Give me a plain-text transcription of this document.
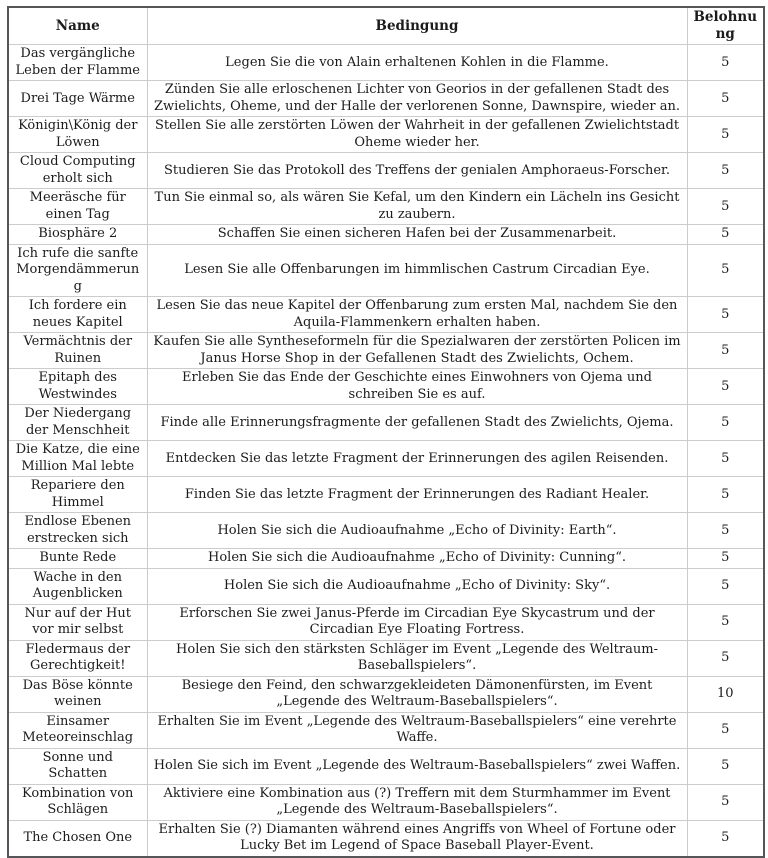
Name	Bedingung	Belohnung
Das vergängliche Leben der Flamme	Legen Sie die von Alain erhaltenen Kohlen in die Flamme.	5
Drei Tage Wärme	Zünden Sie alle erloschenen Lichter von Georios in der gefallenen Stadt des Zwielichts, Oheme, und der Halle der verlorenen Sonne, Dawnspire, wieder an.	5
Königin\König der Löwen	Stellen Sie alle zerstörten Löwen der Wahrheit in der gefallenen Zwielichtstadt Oheme wieder her.	5
Cloud Computing erholt sich	Studieren Sie das Protokoll des Treffens der genialen Amphoraeus-Forscher.	5
Meeräsche für einen Tag	Tun Sie einmal so, als wären Sie Kefal, um den Kindern ein Lächeln ins Gesicht zu zaubern.	5
Biosphäre 2	Schaffen Sie einen sicheren Hafen bei der Zusammenarbeit.	5
Ich rufe die sanfte Morgendämmerung	Lesen Sie alle Offenbarungen im himmlischen Castrum Circadian Eye.	5
Ich fordere ein neues Kapitel	Lesen Sie das neue Kapitel der Offenbarung zum ersten Mal, nachdem Sie den Aquila-Flammenkern erhalten haben.	5
Vermächtnis der Ruinen	Kaufen Sie alle Syntheseformeln für die Spezialwaren der zerstörten Policen im Janus Horse Shop in der Gefallenen Stadt des Zwielichts, Ochem.	5
Epitaph des Westwindes	Erleben Sie das Ende der Geschichte eines Einwohners von Ojema und schreiben Sie es auf.	5
Der Niedergang der Menschheit	Finde alle Erinnerungsfragmente der gefallenen Stadt des Zwielichts, Ojema.	5
Die Katze, die eine Million Mal lebte	Entdecken Sie das letzte Fragment der Erinnerungen des agilen Reisenden.	5
Repariere den Himmel	Finden Sie das letzte Fragment der Erinnerungen des Radiant Healer.	5
Endlose Ebenen erstrecken sich	Holen Sie sich die Audioaufnahme „Echo of Divinity: Earth“.	5
Bunte Rede	Holen Sie sich die Audioaufnahme „Echo of Divinity: Cunning“.	5
Wache in den Augenblicken	Holen Sie sich die Audioaufnahme „Echo of Divinity: Sky“.	5
Nur auf der Hut vor mir selbst	Erforschen Sie zwei Janus-Pferde im Circadian Eye Skycastrum und der Circadian Eye Floating Fortress.	5
Fledermaus der Gerechtigkeit!	Holen Sie sich den stärksten Schläger im Event „Legende des Weltraum-Baseballspielers“.	5
Das Böse könnte weinen	Besiege den Feind, den schwarzgekleideten Dämonenfürsten, im Event „Legende des Weltraum-Baseballspielers“.	10
Einsamer Meteoreinschlag	Erhalten Sie im Event „Legende des Weltraum-Baseballspielers“ eine verehrte Waffe.	5
Sonne und Schatten	Holen Sie sich im Event „Legende des Weltraum-Baseballspielers“ zwei Waffen.	5
Kombination von Schlägen	Aktiviere eine Kombination aus (?) Treffern mit dem Sturmhammer im Event „Legende des Weltraum-Baseballspielers“.	5
The Chosen One	Erhalten Sie (?) Diamanten während eines Angriffs von Wheel of Fortune oder Lucky Bet im Legend of Space Baseball Player-Event.	5
